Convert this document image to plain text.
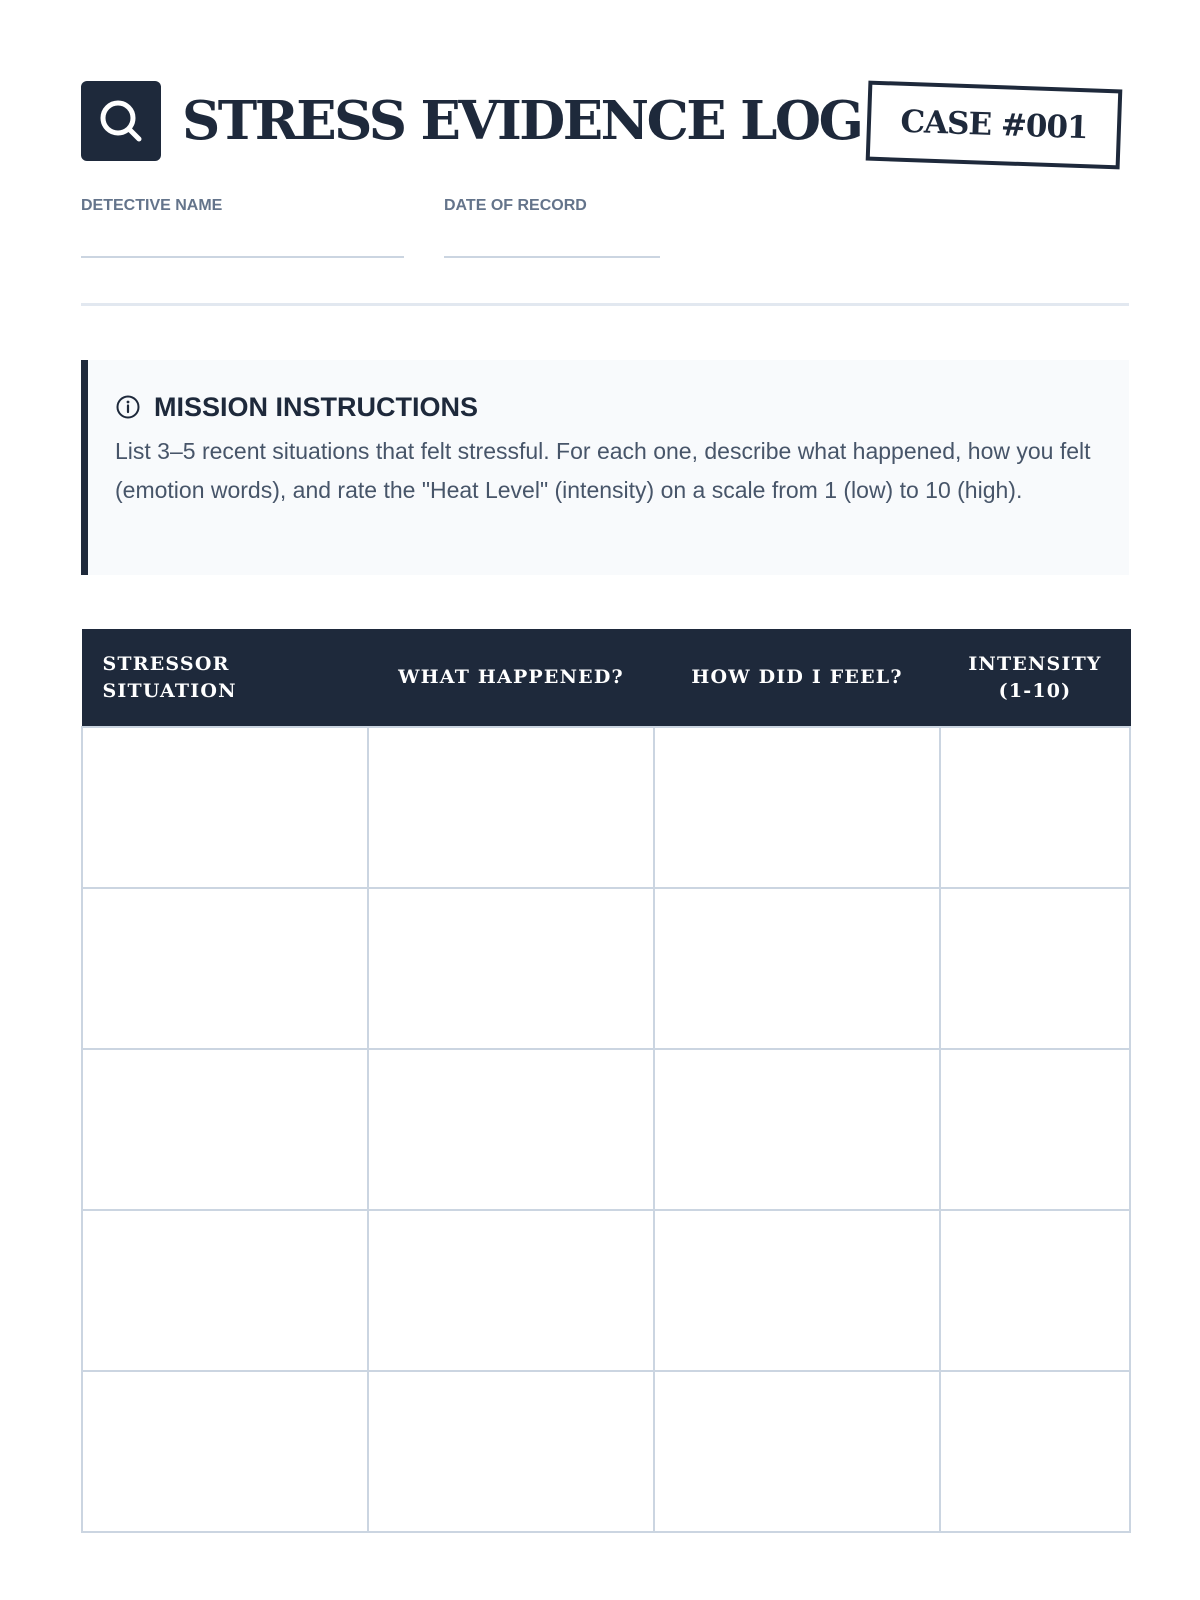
STRESS EVIDENCE LOG	CASE #001
DETECTIVE NAME	DATE OF RECORD
MISSION INSTRUCTIONS
List 3–5 recent situations that felt stressful. For each one, describe what happened, how you felt (emotion words), and rate the "Heat Level" (intensity) on a scale from 1 (low) to 10 (high).
STRESSOR SITUATION	WHAT HAPPENED?	HOW DID I FEEL?	INTENSITY (1-10)
